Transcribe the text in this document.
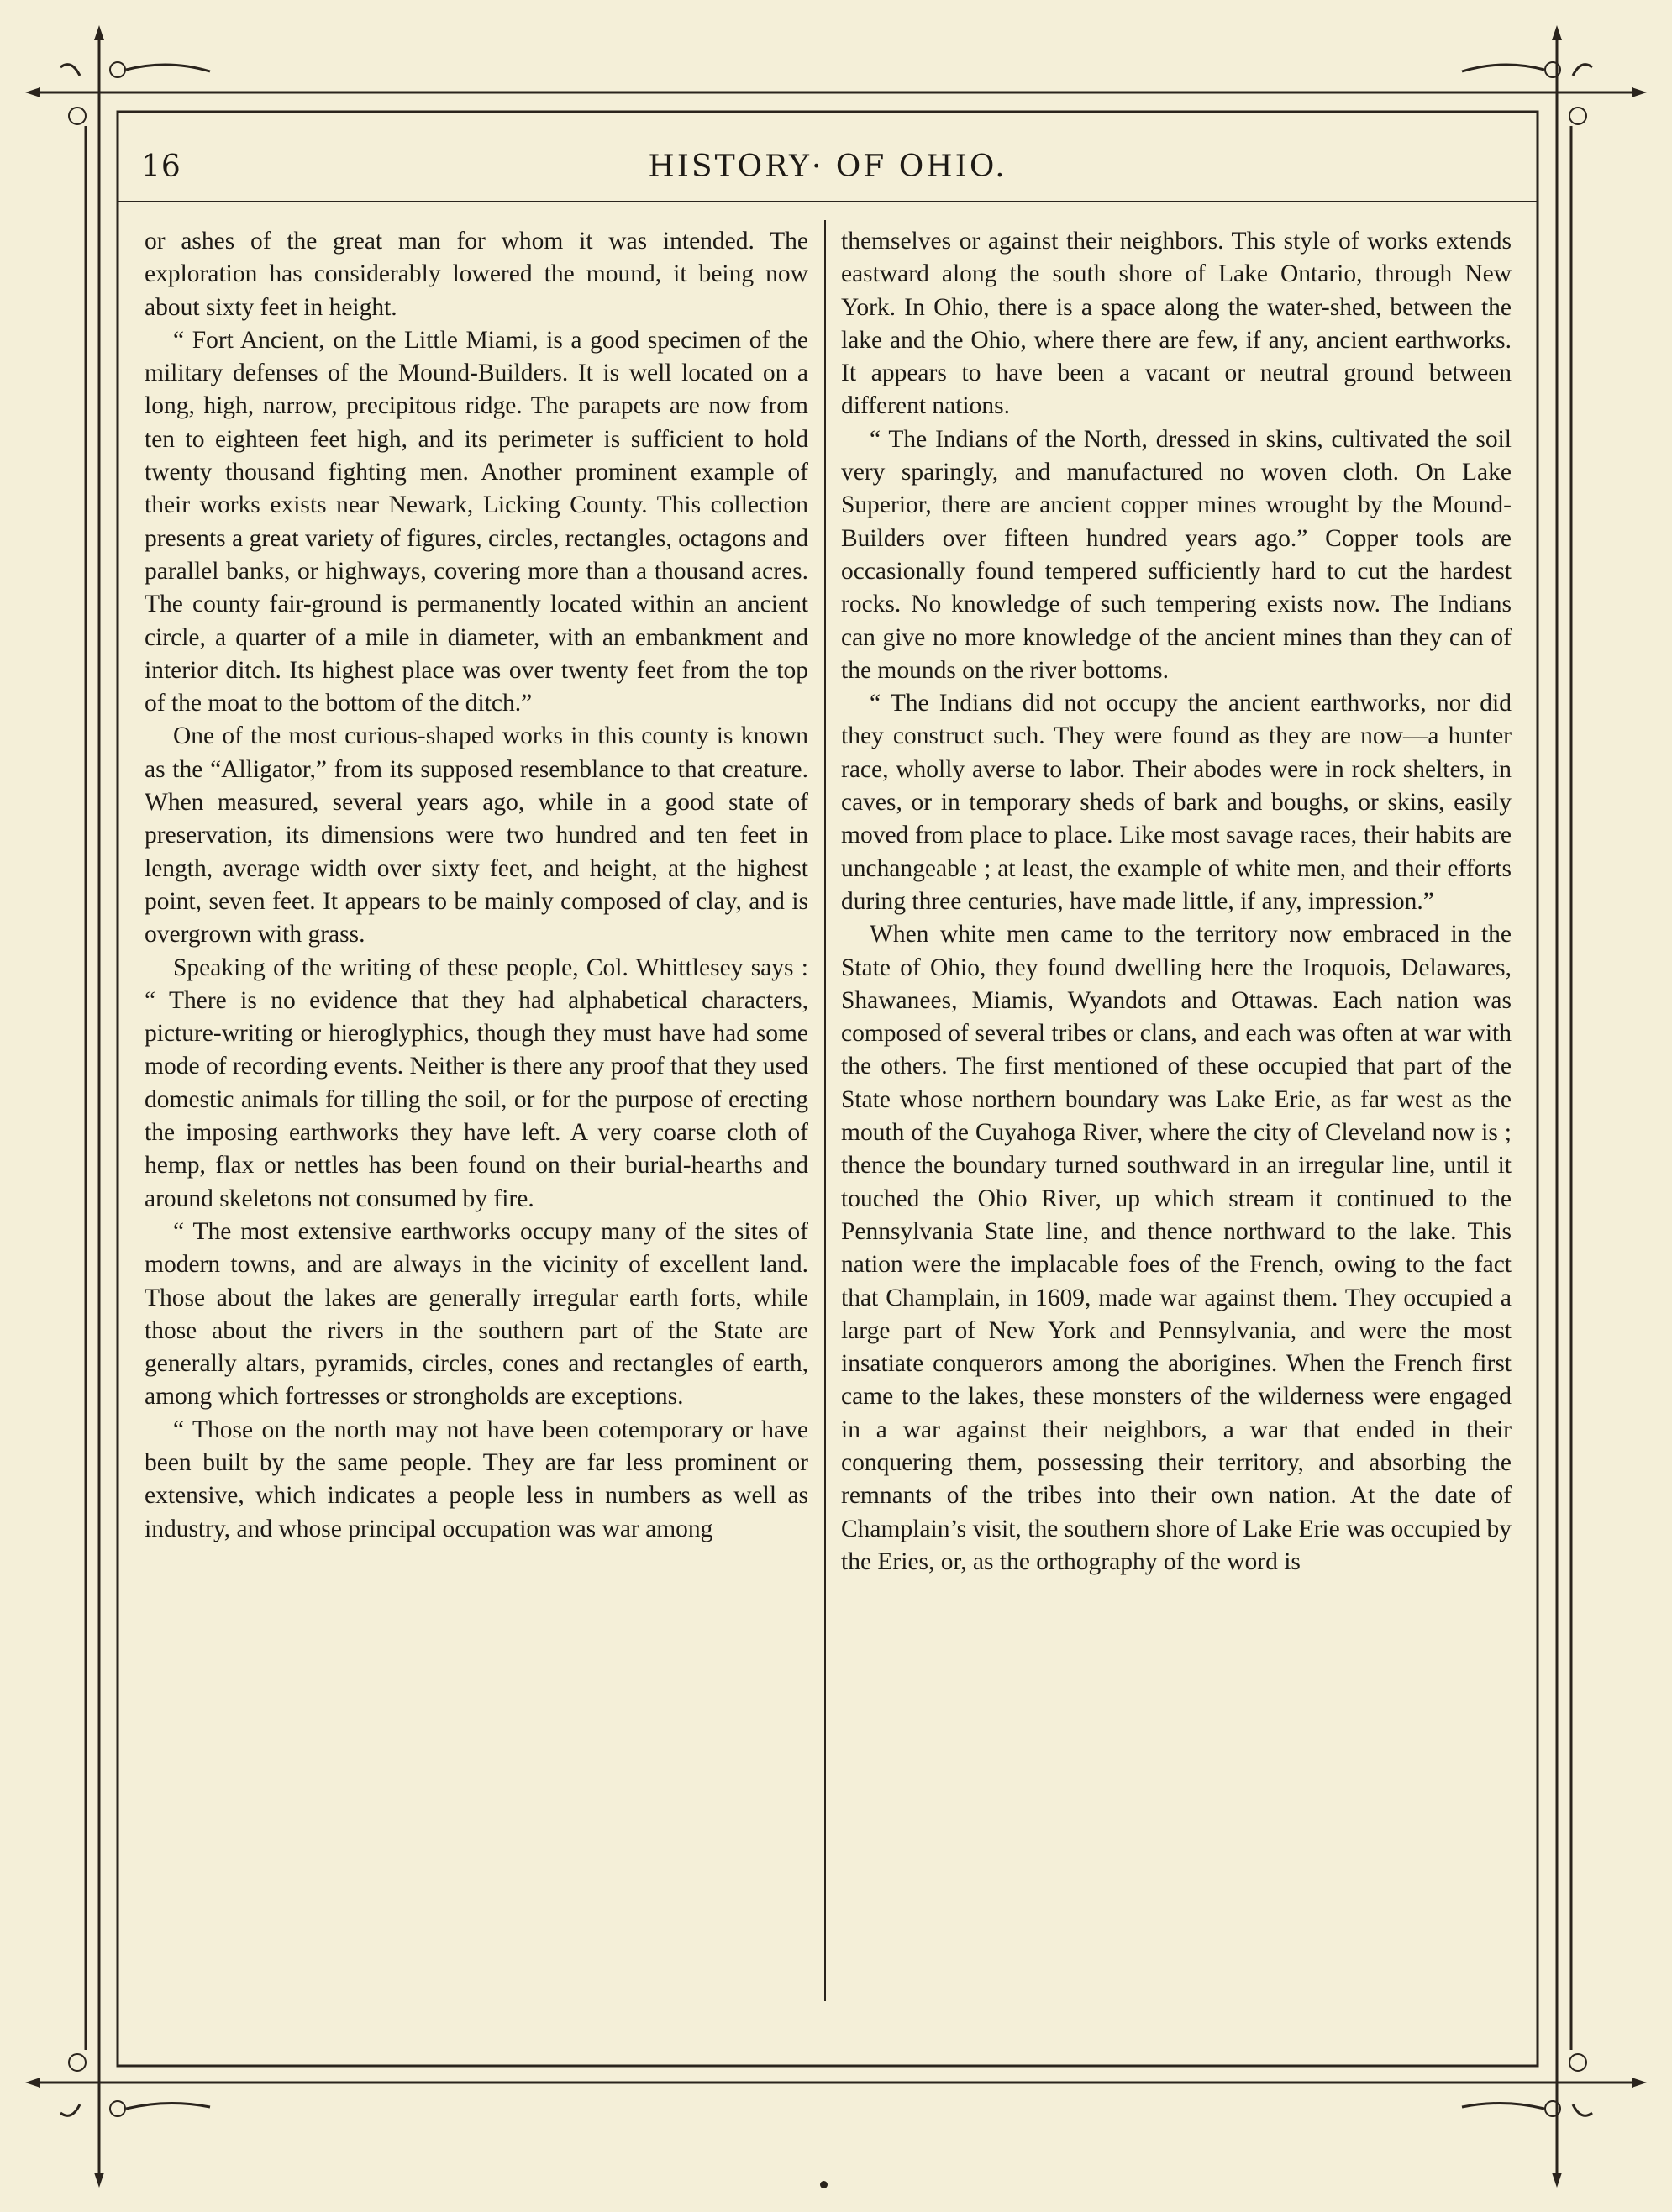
16	HISTORY· OF OHIO.

or ashes of the great man for whom it was intended. The exploration has considerably lowered the mound, it being now about sixty feet in height.

“ Fort Ancient, on the Little Miami, is a good specimen of the military defenses of the Mound-Builders. It is well located on a long, high, narrow, precipitous ridge. The parapets are now from ten to eighteen feet high, and its perimeter is sufficient to hold twenty thousand fighting men. Another prominent example of their works exists near Newark, Licking County. This collection presents a great variety of figures, circles, rectangles, octagons and parallel banks, or highways, covering more than a thousand acres. The county fair-ground is permanently located within an ancient circle, a quarter of a mile in diameter, with an embankment and interior ditch. Its highest place was over twenty feet from the top of the moat to the bottom of the ditch.”

One of the most curious-shaped works in this county is known as the “Alligator,” from its supposed resemblance to that creature. When measured, several years ago, while in a good state of preservation, its dimensions were two hundred and ten feet in length, average width over sixty feet, and height, at the highest point, seven feet. It appears to be mainly composed of clay, and is overgrown with grass.

Speaking of the writing of these people, Col. Whittlesey says : “ There is no evidence that they had alphabetical characters, picture-writing or hieroglyphics, though they must have had some mode of recording events. Neither is there any proof that they used domestic animals for tilling the soil, or for the purpose of erecting the imposing earthworks they have left. A very coarse cloth of hemp, flax or nettles has been found on their burial-hearths and around skeletons not consumed by fire.

“ The most extensive earthworks occupy many of the sites of modern towns, and are always in the vicinity of excellent land. Those about the lakes are generally irregular earth forts, while those about the rivers in the southern part of the State are generally altars, pyramids, circles, cones and rectangles of earth, among which fortresses or strongholds are exceptions.

“ Those on the north may not have been cotemporary or have been built by the same people. They are far less prominent or extensive, which indicates a people less in numbers as well as industry, and whose principal occupation was war among

themselves or against their neighbors. This style of works extends eastward along the south shore of Lake Ontario, through New York. In Ohio, there is a space along the water-shed, between the lake and the Ohio, where there are few, if any, ancient earthworks. It appears to have been a vacant or neutral ground between different nations.

“ The Indians of the North, dressed in skins, cultivated the soil very sparingly, and manufactured no woven cloth. On Lake Superior, there are ancient copper mines wrought by the Mound-Builders over fifteen hundred years ago.” Copper tools are occasionally found tempered sufficiently hard to cut the hardest rocks. No knowledge of such tempering exists now. The Indians can give no more knowledge of the ancient mines than they can of the mounds on the river bottoms.

“ The Indians did not occupy the ancient earthworks, nor did they construct such. They were found as they are now—a hunter race, wholly averse to labor. Their abodes were in rock shelters, in caves, or in temporary sheds of bark and boughs, or skins, easily moved from place to place. Like most savage races, their habits are unchangeable ; at least, the example of white men, and their efforts during three centuries, have made little, if any, impression.”

When white men came to the territory now embraced in the State of Ohio, they found dwelling here the Iroquois, Delawares, Shawanees, Miamis, Wyandots and Ottawas. Each nation was composed of several tribes or clans, and each was often at war with the others. The first mentioned of these occupied that part of the State whose northern boundary was Lake Erie, as far west as the mouth of the Cuyahoga River, where the city of Cleveland now is ; thence the boundary turned southward in an irregular line, until it touched the Ohio River, up which stream it continued to the Pennsylvania State line, and thence northward to the lake. This nation were the implacable foes of the French, owing to the fact that Champlain, in 1609, made war against them. They occupied a large part of New York and Pennsylvania, and were the most insatiate conquerors among the aborigines. When the French first came to the lakes, these monsters of the wilderness were engaged in a war against their neighbors, a war that ended in their conquering them, possessing their territory, and absorbing the remnants of the tribes into their own nation. At the date of Champlain’s visit, the southern shore of Lake Erie was occupied by the Eries, or, as the orthography of the word is
